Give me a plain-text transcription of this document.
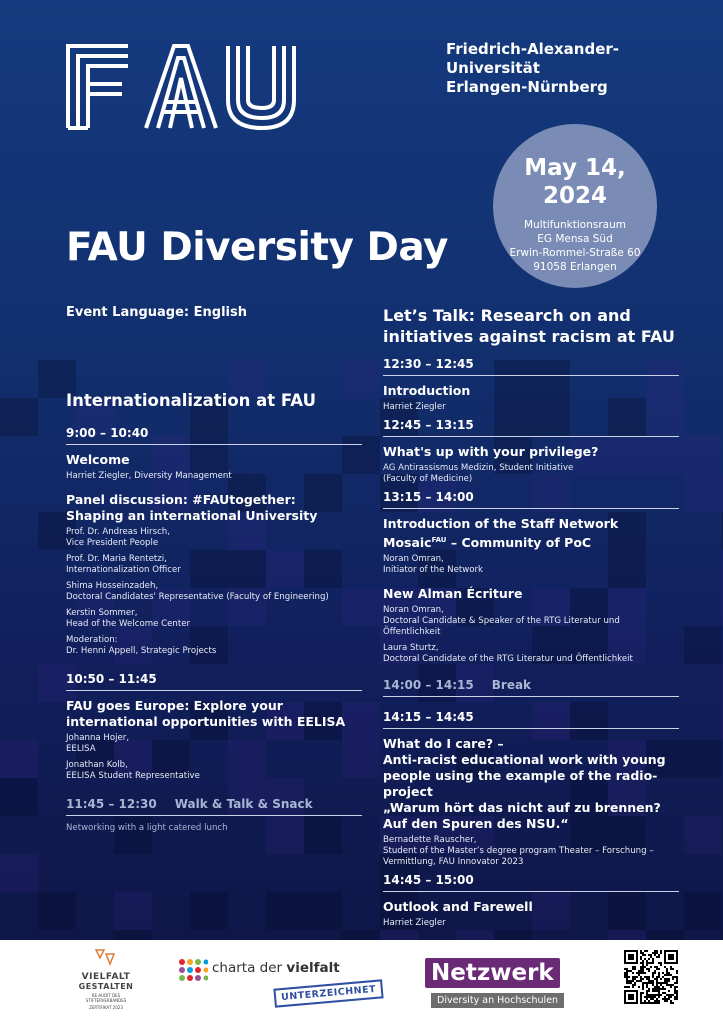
Friedrich-Alexander-Universität
Erlangen-Nürnberg
May 14,
2024
Multifunktionsraum
EG Mensa Süd
Erwin-Rommel-Straße 60
91058 Erlangen
FAU Diversity Day
Event Language: English
Internationalization at FAU
9:00 – 10:40
Welcome
Harriet Ziegler, Diversity Management
Panel discussion: #FAUtogether:
Shaping an international University
Prof. Dr. Andreas Hirsch,
Vice President People
Prof. Dr. Maria Rentetzi,
Internationalization Officer
Shima Hosseinzadeh,
Doctoral Candidates' Representative (Faculty of Engineering)
Kerstin Sommer,
Head of the Welcome Center
Moderation:
Dr. Henni Appell, Strategic Projects
10:50 – 11:45
FAU goes Europe: Explore your
international opportunities with EELISA
Johanna Hojer,
EELISA
Jonathan Kolb,
EELISA Student Representative
11:45 – 12:30 Walk & Talk & Snack
Networking with a light catered lunch
Let’s Talk: Research on and
initiatives against racism at FAU
12:30 – 12:45
Introduction
Harriet Ziegler
12:45 – 13:15
What's up with your privilege?
AG Antirassismus Medizin, Student Initiative
(Faculty of Medicine)
13:15 – 14:00
Introduction of the Staff Network
Mosaic$^{FAU}$ – Community of PoC
Noran Omran,
Initiator of the Network
New Alman Écriture
Noran Omran,
Doctoral Candidate & Speaker of the RTG Literatur und Öffentlichkeit
Laura Sturtz,
Doctoral Candidate of the RTG Literatur und Öffentlichkeit
14:00 – 14:15 Break
14:15 – 14:45
What do I care? –
Anti-racist educational work with young
people using the example of the radio-project
„Warum hört das nicht auf zu brennen?
Auf den Spuren des NSU.“
Bernadette Rauscher,
Student of the Master’s degree program Theater – Forschung –
Vermittlung, FAU Innovator 2023
14:45 – 15:00
Outlook and Farewell
Harriet Ziegler
VIELFALT
GESTALTEN
RE-AUDIT DES STIFTERVERBANDES
ZERTIFIKAT 2023
charta der vielfalt
UNTERZEICHNET
Netzwerk Diversity an Hochschulen
